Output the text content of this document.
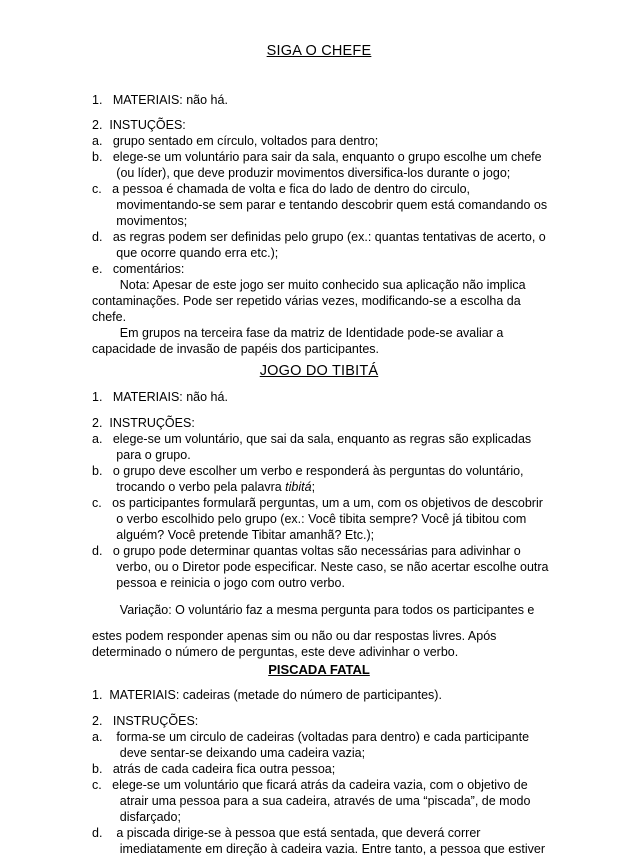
SIGA O CHEFE
1.   MATERIAIS: não há.
2.  INSTUÇÕES:
a.   grupo sentado em círculo, voltados para dentro;
b.   elege-se um voluntário para sair da sala, enquanto o grupo escolhe um chefe
(ou líder), que deve produzir movimentos diversifica-los durante o jogo;
c.   a pessoa é chamada de volta e fica do lado de dentro do circulo,
movimentando-se sem parar e tentando descobrir quem está comandando os
movimentos;
d.   as regras podem ser definidas pelo grupo (ex.: quantas tentativas de acerto, o
que ocorre quando erra etc.);
e.   comentários:
Nota: Apesar de este jogo ser muito conhecido sua aplicação não implica
contaminações. Pode ser repetido várias vezes, modificando-se a escolha da
chefe.
Em grupos na terceira fase da matriz de Identidade pode-se avaliar a
capacidade de invasão de papéis dos participantes.
JOGO DO TIBITÁ
1.   MATERIAIS: não há.
2.  INSTRUÇÕES:
a.   elege-se um voluntário, que sai da sala, enquanto as regras são explicadas
para o grupo.
b.   o grupo deve escolher um verbo e responderá às perguntas do voluntário,
trocando o verbo pela palavra tibitá;
c.   os participantes formularã perguntas, um a um, com os objetivos de descobrir
o verbo escolhido pelo grupo (ex.: Você tibita sempre? Você já tibitou com
alguém? Você pretende Tibitar amanhã? Etc.);
d.   o grupo pode determinar quantas voltas são necessárias para adivinhar o
verbo, ou o Diretor pode especificar. Neste caso, se não acertar escolhe outra
pessoa e reinicia o jogo com outro verbo.
Variação: O voluntário faz a mesma pergunta para todos os participantes e
estes podem responder apenas sim ou não ou dar respostas livres. Após
determinado o número de perguntas, este deve adivinhar o verbo.
PISCADA FATAL
1.  MATERIAIS: cadeiras (metade do número de participantes).
2.   INSTRUÇÕES:
a.    forma-se um circulo de cadeiras (voltadas para dentro) e cada participante
deve sentar-se deixando uma cadeira vazia;
b.   atrás de cada cadeira fica outra pessoa;
c.   elege-se um voluntário que ficará atrás da cadeira vazia, com o objetivo de
atrair uma pessoa para a sua cadeira, através de uma “piscada”, de modo
disfarçado;
d.    a piscada dirige-se à pessoa que está sentada, que deverá correr
imediatamente em direção à cadeira vazia. Entre tanto, a pessoa que estiver
